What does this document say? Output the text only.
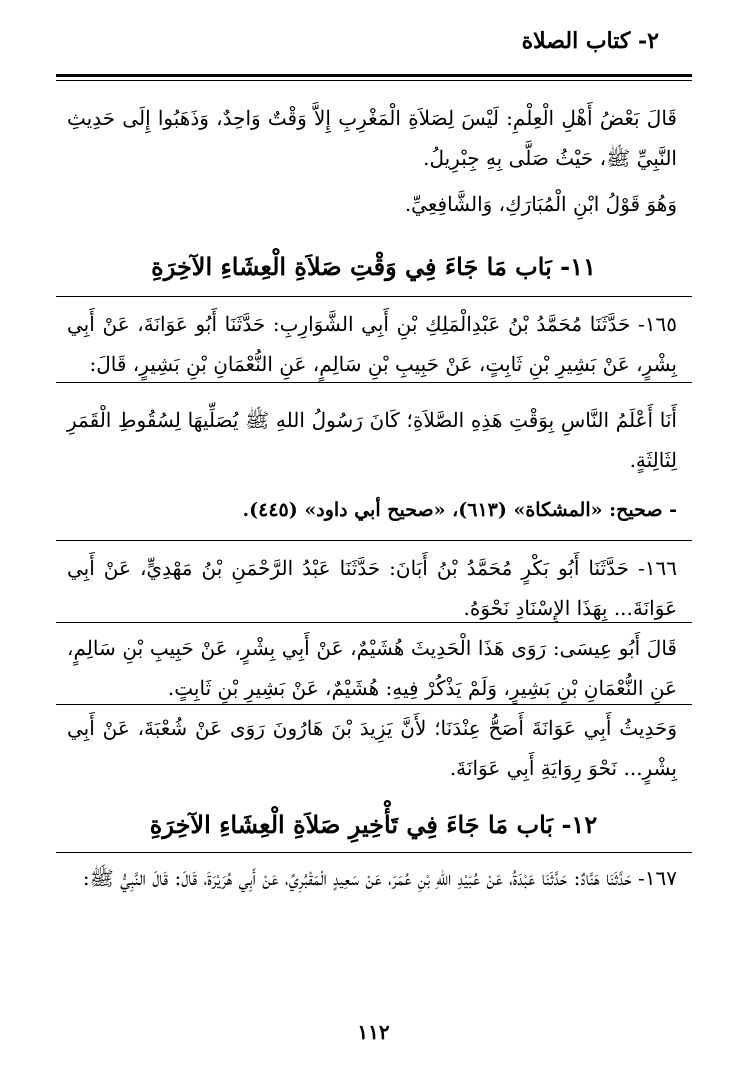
٢- كتاب الصلاة
قَالَ بَعْضُ أَهْلِ الْعِلْمِ: لَيْسَ لِصَلاَةِ الْمَغْرِبِ إِلاَّ وَقْتٌ وَاحِدٌ، وَذَهَبُوا إِلَى حَدِيثِ النَّبِيِّ ﷺ، حَيْثُ صَلَّى بِهِ جِبْرِيلُ.
وَهُوَ قَوْلُ ابْنِ الْمُبَارَكِ، وَالشَّافِعِيِّ.
١١- بَاب مَا جَاءَ فِي وَقْتِ صَلاَةِ الْعِشَاءِ الآخِرَةِ
١٦٥- حَدَّثَنَا مُحَمَّدُ بْنُ عَبْدِالْمَلِكِ بْنِ أَبِي الشَّوَارِبِ: حَدَّثَنَا أَبُو عَوَانَةَ، عَنْ أَبِي بِشْرٍ، عَنْ بَشِيرِ بْنِ ثَابِتٍ، عَنْ حَبِيبِ بْنِ سَالِمٍ، عَنِ النُّعْمَانِ بْنِ بَشِيرٍ، قَالَ:
أَنَا أَعْلَمُ النَّاسِ بِوَقْتِ هَذِهِ الصَّلاَةِ؛ كَانَ رَسُولُ اللهِ ﷺ يُصَلِّيهَا لِسُقُوطِ الْقَمَرِ لِثَالِثَةٍ.
- صحيح: «المشكاة» (٦١٣)، «صحيح أبي داود» (٤٤٥).
١٦٦- حَدَّثَنَا أَبُو بَكْرٍ مُحَمَّدُ بْنُ أَبَانَ: حَدَّثَنَا عَبْدُ الرَّحْمَنِ بْنُ مَهْدِيٍّ، عَنْ أَبِي عَوَانَةَ... بِهَذَا الإِسْنَادِ نَحْوَهُ.
قَالَ أَبُو عِيسَى: رَوَى هَذَا الْحَدِيثَ هُشَيْمٌ، عَنْ أَبِي بِشْرٍ، عَنْ حَبِيبِ بْنِ سَالِمٍ، عَنِ النُّعْمَانِ بْنِ بَشِيرٍ، وَلَمْ يَذْكُرْ فِيهِ: هُشَيْمٌ، عَنْ بَشِيرِ بْنِ ثَابِتٍ.
وَحَدِيثُ أَبِي عَوَانَةَ أَصَحُّ عِنْدَنَا؛ لأَنَّ يَزِيدَ بْنَ هَارُونَ رَوَى عَنْ شُعْبَةَ، عَنْ أَبِي بِشْرٍ... نَحْوَ رِوَايَةِ أَبِي عَوَانَةَ.
١٢- بَاب مَا جَاءَ فِي تَأْخِيرِ صَلاَةِ الْعِشَاءِ الآخِرَةِ
١٦٧- حَدَّثَنَا هَنَّادٌ: حَدَّثَنَا عَبْدَةُ، عَنْ عُبَيْدِ اللهِ بْنِ عُمَرَ، عَنْ سَعِيدٍ الْمَقْبُرِيِّ، عَنْ أَبِي هُرَيْرَةَ، قَالَ: قَالَ النَّبِيُّ ﷺ:
١١٢
